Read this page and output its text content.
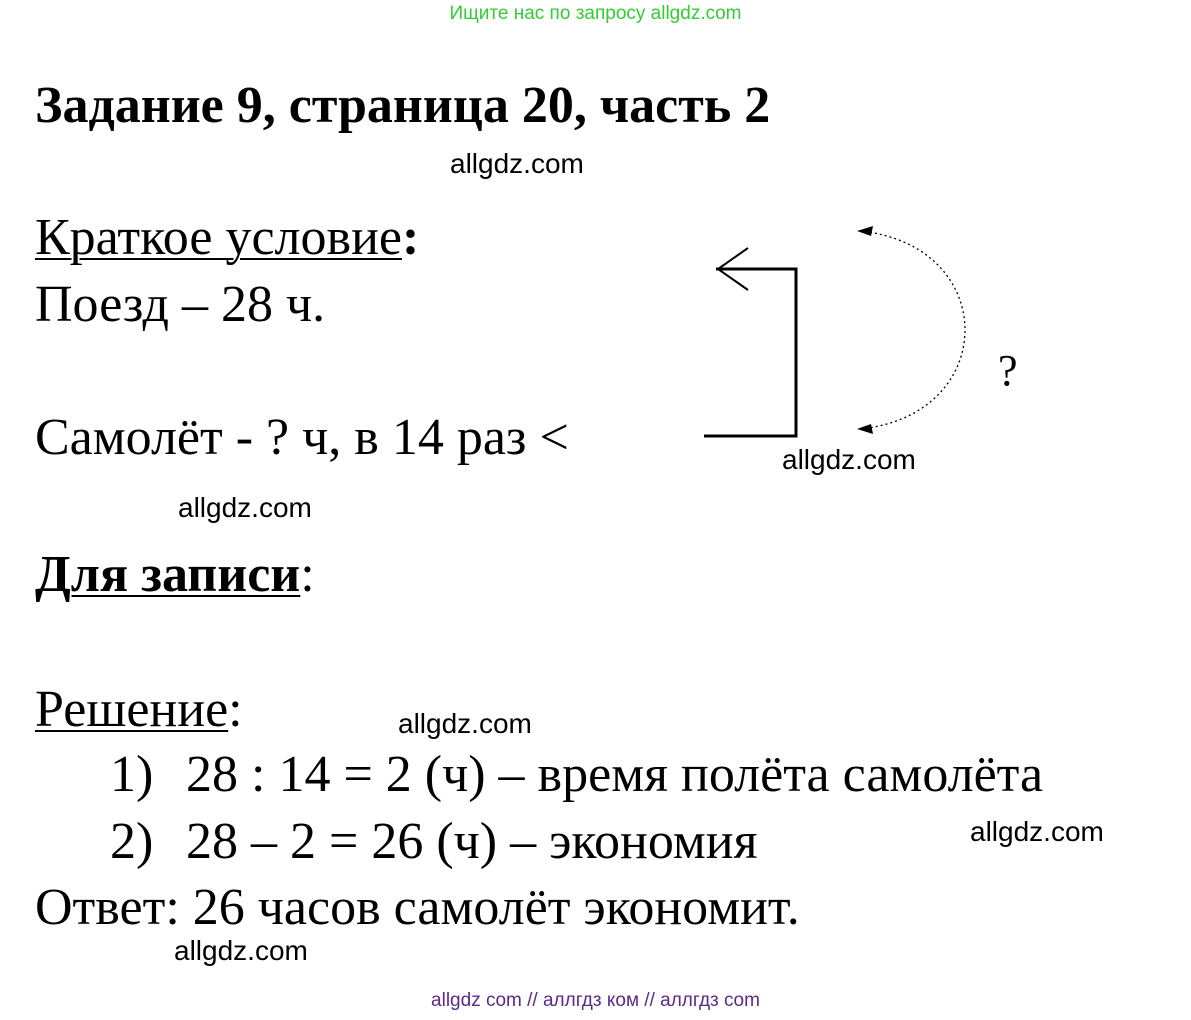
Ищите нас по запросу allgdz.com
Задание 9, страница 20, часть 2
allgdz.com
Краткое условие:
Поезд – 28 ч.
Самолёт - ? ч, в 14 раз <
?
allgdz.com
allgdz.com
Для записи:
Решение:	allgdz.com
1) 28 : 14 = 2 (ч) – время полёта самолёта
2) 28 – 2 = 26 (ч) – экономия	allgdz.com
Ответ: 26 часов самолёт экономит.
allgdz.com
allgdz com // аллгдз ком // аллгдз com
